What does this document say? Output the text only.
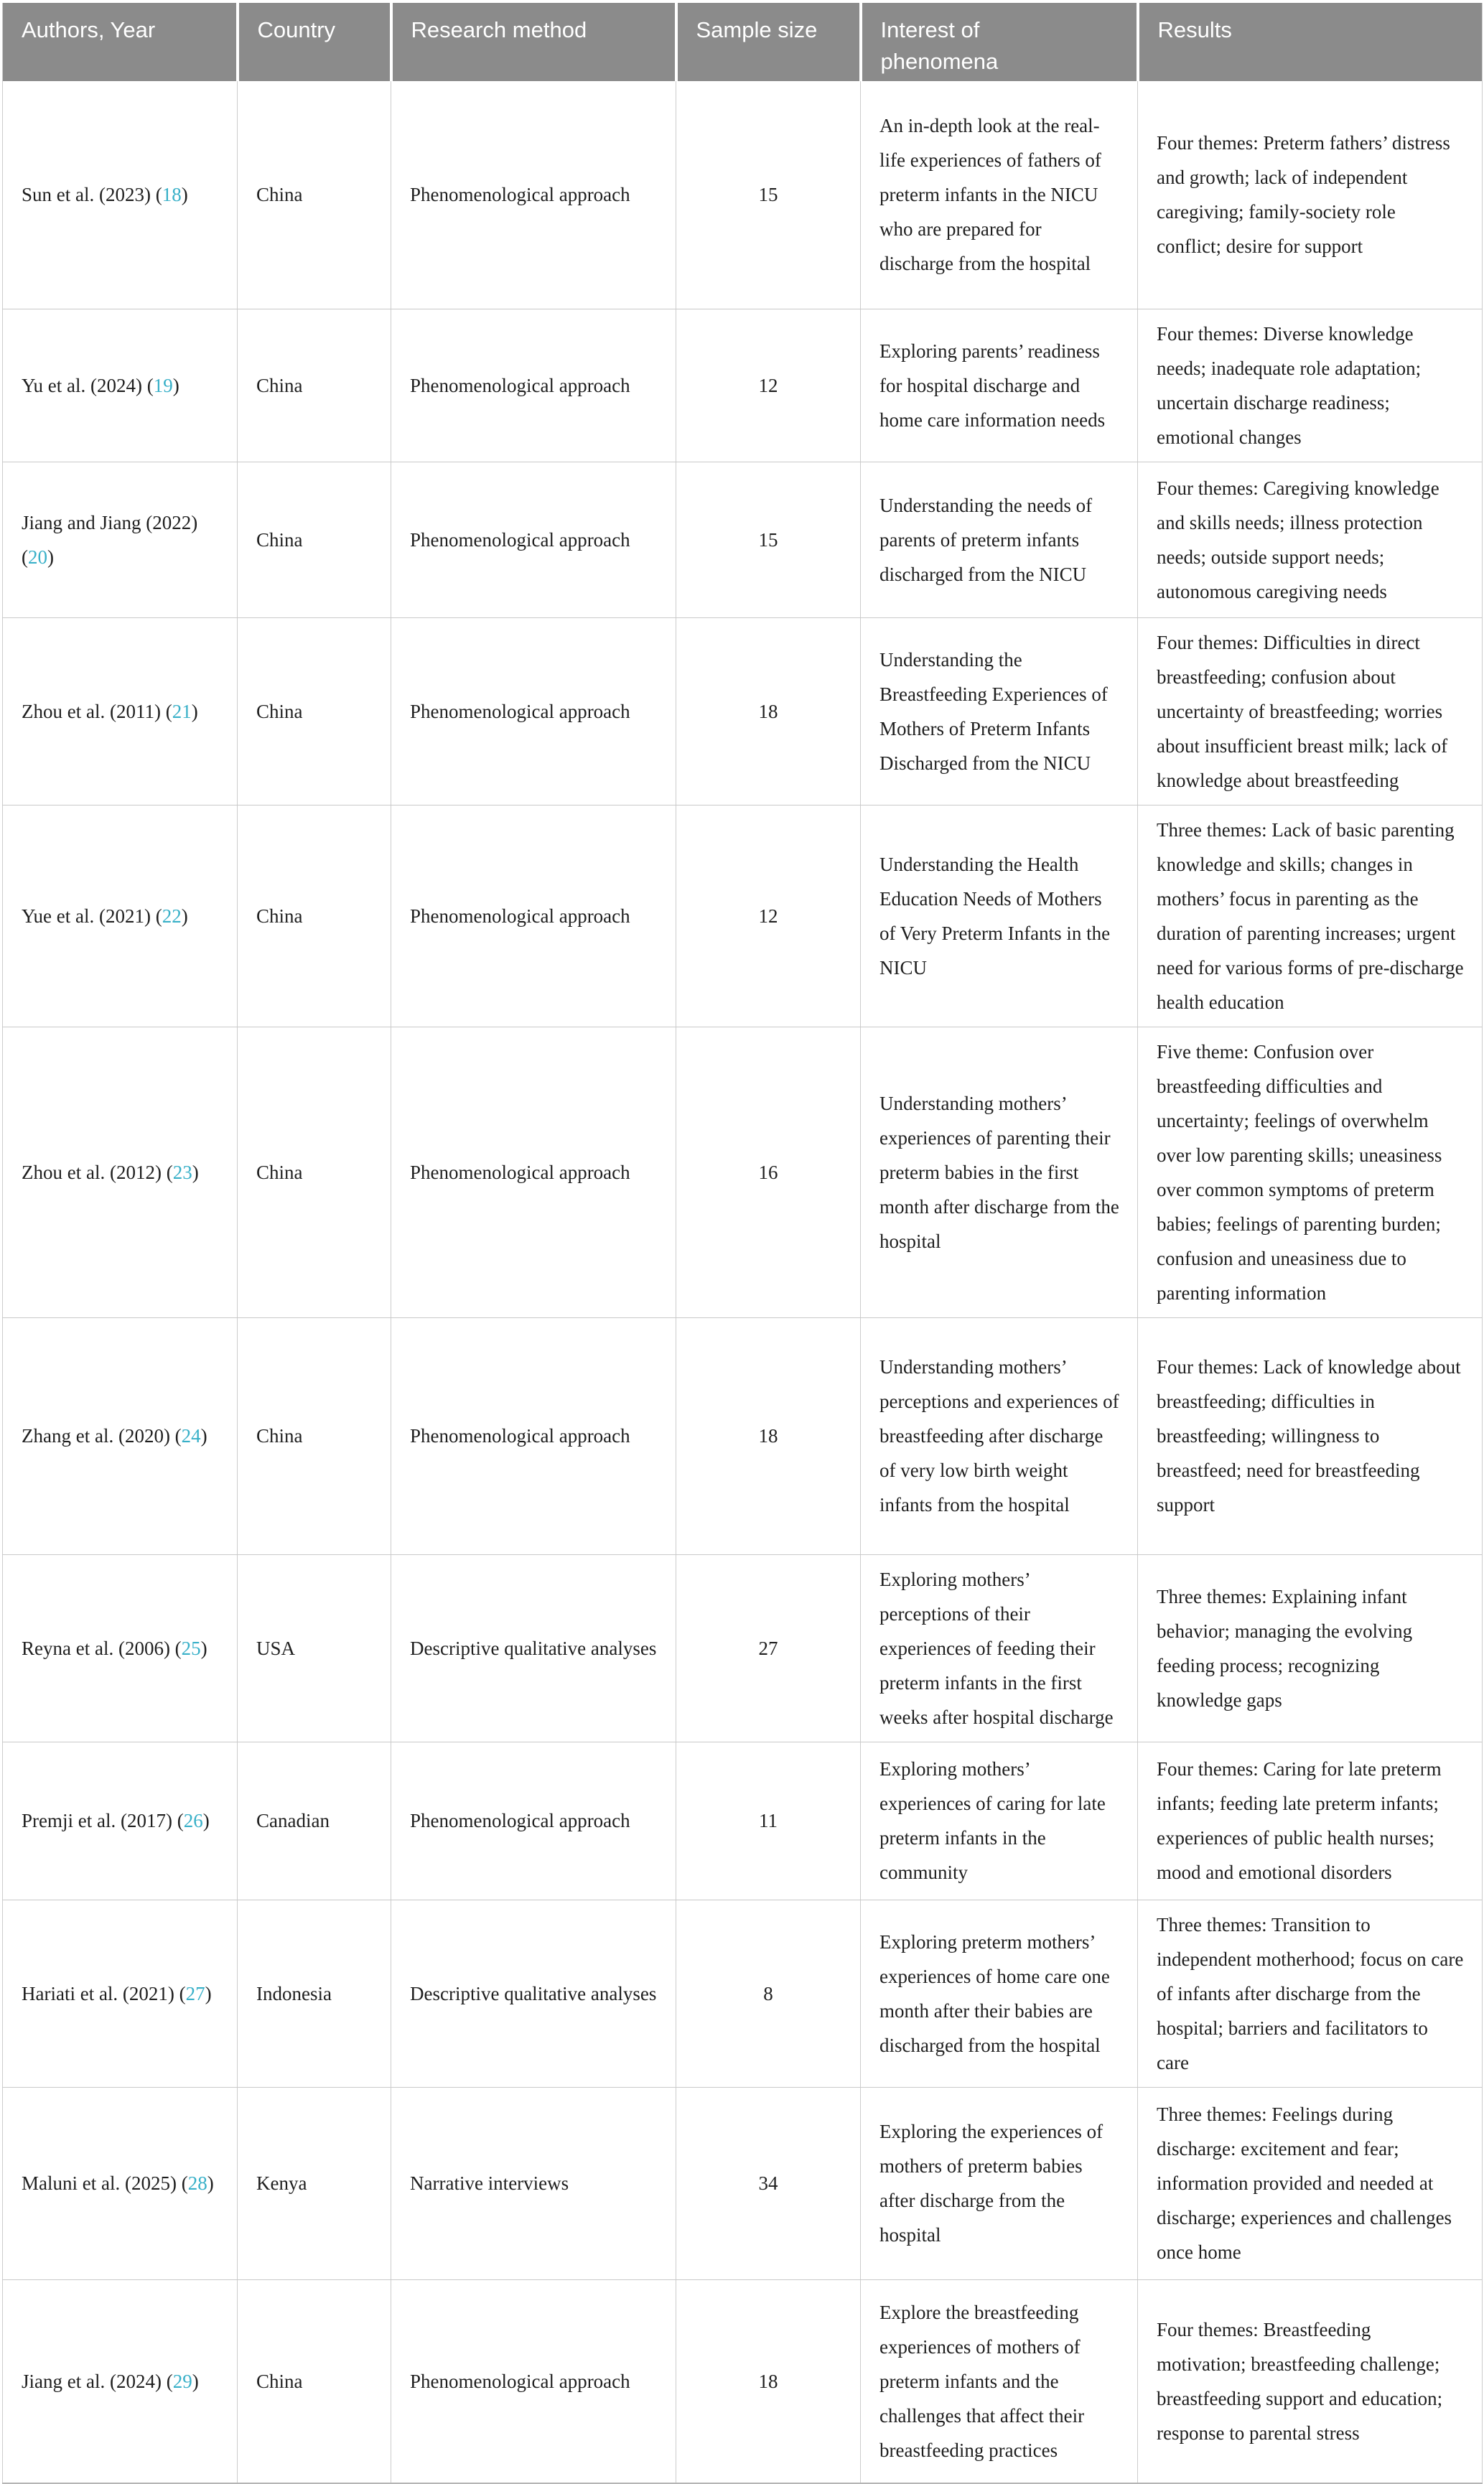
Authors, Year	Country	Research method	Sample size	Interest of phenomena	Results
Sun et al. (2023) (18)	China	Phenomenological approach	15	An in-depth look at the real-life experiences of fathers of preterm infants in the NICU who are prepared for discharge from the hospital	Four themes: Preterm fathers’ distress and growth; lack of independent caregiving; family-society role conflict; desire for support
Yu et al. (2024) (19)	China	Phenomenological approach	12	Exploring parents’ readiness for hospital discharge and home care information needs	Four themes: Diverse knowledge needs; inadequate role adaptation; uncertain discharge readiness; emotional changes
Jiang and Jiang (2022) (20)	China	Phenomenological approach	15	Understanding the needs of parents of preterm infants discharged from the NICU	Four themes: Caregiving knowledge and skills needs; illness protection needs; outside support needs; autonomous caregiving needs
Zhou et al. (2011) (21)	China	Phenomenological approach	18	Understanding the Breastfeeding Experiences of Mothers of Preterm Infants Discharged from the NICU	Four themes: Difficulties in direct breastfeeding; confusion about uncertainty of breastfeeding; worries about insufficient breast milk; lack of knowledge about breastfeeding
Yue et al. (2021) (22)	China	Phenomenological approach	12	Understanding the Health Education Needs of Mothers of Very Preterm Infants in the NICU	Three themes: Lack of basic parenting knowledge and skills; changes in mothers’ focus in parenting as the duration of parenting increases; urgent need for various forms of pre-discharge health education
Zhou et al. (2012) (23)	China	Phenomenological approach	16	Understanding mothers’ experiences of parenting their preterm babies in the first month after discharge from the hospital	Five theme: Confusion over breastfeeding difficulties and uncertainty; feelings of overwhelm over low parenting skills; uneasiness over common symptoms of preterm babies; feelings of parenting burden; confusion and uneasiness due to parenting information
Zhang et al. (2020) (24)	China	Phenomenological approach	18	Understanding mothers’ perceptions and experiences of breastfeeding after discharge of very low birth weight infants from the hospital	Four themes: Lack of knowledge about breastfeeding; difficulties in breastfeeding; willingness to breastfeed; need for breastfeeding support
Reyna et al. (2006) (25)	USA	Descriptive qualitative analyses	27	Exploring mothers’ perceptions of their experiences of feeding their preterm infants in the first weeks after hospital discharge	Three themes: Explaining infant behavior; managing the evolving feeding process; recognizing knowledge gaps
Premji et al. (2017) (26)	Canadian	Phenomenological approach	11	Exploring mothers’ experiences of caring for late preterm infants in the community	Four themes: Caring for late preterm infants; feeding late preterm infants; experiences of public health nurses; mood and emotional disorders
Hariati et al. (2021) (27)	Indonesia	Descriptive qualitative analyses	8	Exploring preterm mothers’ experiences of home care one month after their babies are discharged from the hospital	Three themes: Transition to independent motherhood; focus on care of infants after discharge from the hospital; barriers and facilitators to care
Maluni et al. (2025) (28)	Kenya	Narrative interviews	34	Exploring the experiences of mothers of preterm babies after discharge from the hospital	Three themes: Feelings during discharge: excitement and fear; information provided and needed at discharge; experiences and challenges once home
Jiang et al. (2024) (29)	China	Phenomenological approach	18	Explore the breastfeeding experiences of mothers of preterm infants and the challenges that affect their breastfeeding practices	Four themes: Breastfeeding motivation; breastfeeding challenge; breastfeeding support and education; response to parental stress
